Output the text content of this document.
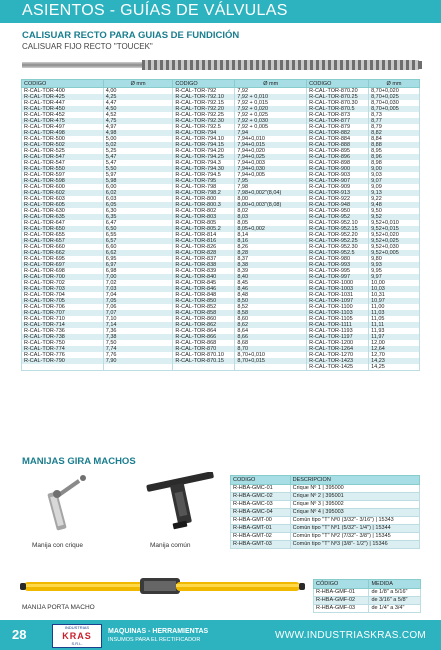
ASIENTOS - GUÍAS DE VÁLVULAS
CALISUAR RECTO PARA GUIAS DE FUNDICIÓN
CALISUAR FIJO RECTO "TOUCEK"
CODIGO	Ø mm	CODIGO	Ø mm	CODIGO	Ø mm
R-CAL-TOR-400	4,00	R-CAL-TOR-792	7,92	R-CAL-TOR-870.20	8,70+0,020
R-CAL-TOR-425	4,25	R-CAL-TOR-792.10	7,92 + 0,010	R-CAL-TOR-870.25	8,70+0,025
R-CAL-TOR-447	4,47	R-CAL-TOR-792.15	7,92 + 0,015	R-CAL-TOR-870.30	8,70+0,030
R-CAL-TOR-450	4,50	R-CAL-TOR-792.20	7,92 + 0,020	R-CAL-TOR-870.5	8,70+0,005
R-CAL-TOR-452	4,52	R-CAL-TOR-792.25	7,92 + 0,025	R-CAL-TOR-873	8,73
R-CAL-TOR-475	4,75	R-CAL-TOR-792.30	7,92 + 0,030	R-CAL-TOR-877	8,77
R-CAL-TOR-497	4,97	R-CAL-TOR-792.5	7,92 + 0,005	R-CAL-TOR-879	8,79
R-CAL-TOR-498	4,98	R-CAL-TOR-794	7,94	R-CAL-TOR-882	8,82
R-CAL-TOR-500	5,00	R-CAL-TOR-794.10	7,94+0,010	R-CAL-TOR-884	8,84
R-CAL-TOR-502	5,02	R-CAL-TOR-794.15	7,94+0,015	R-CAL-TOR-888	8,88
R-CAL-TOR-525	5,25	R-CAL-TOR-794.20	7,94+0,020	R-CAL-TOR-895	8,95
R-CAL-TOR-547	5,47	R-CAL-TOR-794.25	7,94+0,025	R-CAL-TOR-896	8,96
R-CAL-TOR-547	5,47	R-CAL-TOR-794.3	7,94+0,003	R-CAL-TOR-898	8,98
R-CAL-TOR-550	5,50	R-CAL-TOR-794.30	7,94+0,030	R-CAL-TOR-900	9,00
R-CAL-TOR-597	5,97	R-CAL-TOR-794.5	7,94+0,005	R-CAL-TOR-903	9,03
R-CAL-TOR-598	5,98	R-CAL-TOR-795	7,95	R-CAL-TOR-907	9,07
R-CAL-TOR-600	6,00	R-CAL-TOR-798	7,98	R-CAL-TOR-909	9,09
R-CAL-TOR-602	6,02	R-CAL-TOR-798.2	7,98+0,002"(8,04)	R-CAL-TOR-913	9,13
R-CAL-TOR-603	6,03	R-CAL-TOR-800	8,00	R-CAL-TOR-922	9,22
R-CAL-TOR-605	6,05	R-CAL-TOR-800.3	8,00+0,003"(8,08)	R-CAL-TOR-948	9,48
R-CAL-TOR-630	6,30	R-CAL-TOR-802	8,02	R-CAL-TOR-950	9,50
R-CAL-TOR-635	6,35	R-CAL-TOR-803	8,03	R-CAL-TOR-952	9,52
R-CAL-TOR-647	6,47	R-CAL-TOR-805	8,05	R-CAL-TOR-952.10	9,52+0,010
R-CAL-TOR-650	6,50	R-CAL-TOR-805.2	8,05+0,002	R-CAL-TOR-952.15	9,52+0,015
R-CAL-TOR-655	6,55	R-CAL-TOR-814	8,14	R-CAL-TOR-952.20	9,52+0,020
R-CAL-TOR-657	6,57	R-CAL-TOR-816	8,16	R-CAL-TOR-952.25	9,52+0,025
R-CAL-TOR-660	6,60	R-CAL-TOR-826	8,26	R-CAL-TOR-952.30	9,52+0,030
R-CAL-TOR-662	6,62	R-CAL-TOR-828	8,28	R-CAL-TOR-952.5	9,52+0,005
R-CAL-TOR-695	6,95	R-CAL-TOR-837	8,37	R-CAL-TOR-980	9,80
R-CAL-TOR-697	6,97	R-CAL-TOR-838	8,38	R-CAL-TOR-993	9,93
R-CAL-TOR-698	6,98	R-CAL-TOR-839	8,39	R-CAL-TOR-995	9,95
R-CAL-TOR-700	7,00	R-CAL-TOR-840	8,40	R-CAL-TOR-997	9,97
R-CAL-TOR-702	7,02	R-CAL-TOR-845	8,45	R-CAL-TOR-1000	10,00
R-CAL-TOR-703	7,03	R-CAL-TOR-846	8,46	R-CAL-TOR-1003	10,03
R-CAL-TOR-704	7,04	R-CAL-TOR-848	8,48	R-CAL-TOR-1031	10,31
R-CAL-TOR-705	7,05	R-CAL-TOR-850	8,50	R-CAL-TOR-1097	10,97
R-CAL-TOR-706	7,06	R-CAL-TOR-852	8,52	R-CAL-TOR-1100	11,00
R-CAL-TOR-707	7,07	R-CAL-TOR-858	8,58	R-CAL-TOR-1103	11,03
R-CAL-TOR-710	7,10	R-CAL-TOR-860	8,60	R-CAL-TOR-1105	11,05
R-CAL-TOR-714	7,14	R-CAL-TOR-862	8,62	R-CAL-TOR-1111	11,11
R-CAL-TOR-736	7,36	R-CAL-TOR-864	8,64	R-CAL-TOR-1193	11,93
R-CAL-TOR-738	7,38	R-CAL-TOR-866	8,66	R-CAL-TOR-1197	11,97
R-CAL-TOR-750	7,50	R-CAL-TOR-868	8,68	R-CAL-TOR-1200	12,00
R-CAL-TOR-774	7,74	R-CAL-TOR-870	8,70	R-CAL-TOR-1264	12,64
R-CAL-TOR-776	7,76	R-CAL-TOR-870.10	8,70+0,010	R-CAL-TOR-1270	12,70
R-CAL-TOR-790	7,90	R-CAL-TOR-870.15	8,70+0,015	R-CAL-TOR-1423	14,23
				R-CAL-TOR-1425	14,25
MANIJAS GIRA MACHOS
Manija con crique	Manija común
CODIGO	DESCRIPCION
R-HBA-GMC-01	Crique Nº 1 | 395000
R-HBA-GMC-02	Crique Nº 2 | 395001
R-HBA-GMC-03	Crique Nº 3 | 395002
R-HBA-GMC-04	Crique Nº 4 | 395003
R-HBA-GMT-00	Común tipo "T" Nº0 (3/32"- 3/16") | 15343
R-HBA-GMT-01	Común tipo "T" Nº1 (5/32"- 1/4") | 15344
R-HBA-GMT-02	Común tipo "T" Nº2 (7/32"- 3/8") | 15345
R-HBA-GMT-03	Común tipo "T" Nº3 (3/8"- 1/2") | 15346
MANIJA PORTA MACHO
CÓDIGO	MEDIDA
R-HBA-GMF-01	de 1/8" a 5/16"
R-HBA-GMF-02	de 3/16" a 5/8"
R-HBA-GMF-03	de 1/4" a 3/4"
28	INDUSTRIAS
KRAS
S.R.L.
MAQUINAS - HERRAMIENTAS
INSUMOS PARA EL RECTIFICADOR	WWW.INDUSTRIASKRAS.COM
